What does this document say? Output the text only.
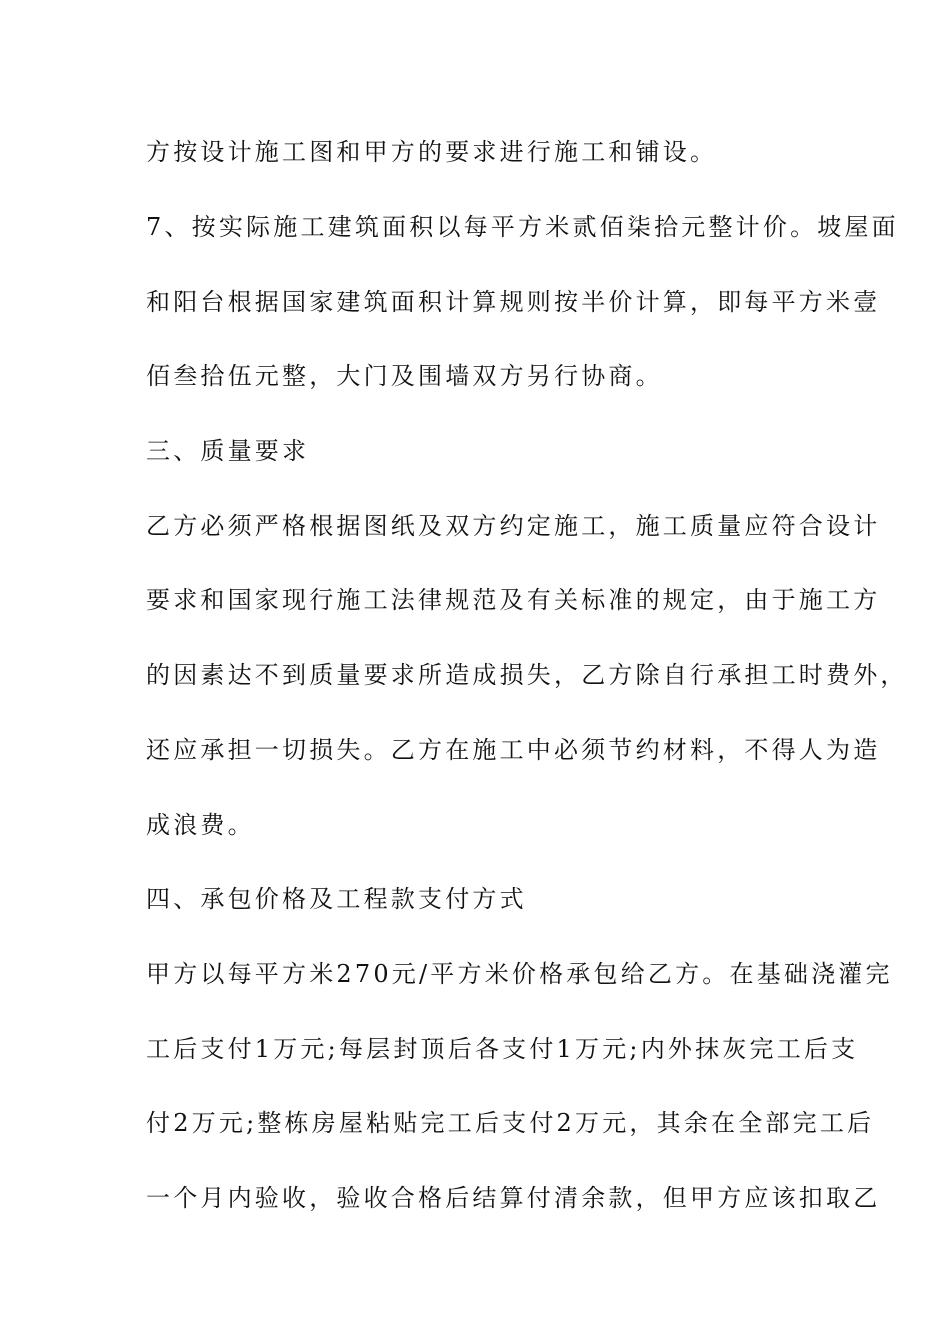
方按设计施工图和甲方的要求进行施工和铺设。
7、按实际施工建筑面积以每平方米贰佰柒拾元整计价。坡屋面
和阳台根据国家建筑面积计算规则按半价计算，即每平方米壹
佰叁拾伍元整，大门及围墙双方另行协商。
三、质量要求
乙方必须严格根据图纸及双方约定施工，施工质量应符合设计
要求和国家现行施工法律规范及有关标准的规定，由于施工方
的因素达不到质量要求所造成损失，乙方除自行承担工时费外，
还应承担一切损失。乙方在施工中必须节约材料，不得人为造
成浪费。
四、承包价格及工程款支付方式
甲方以每平方米270元/平方米价格承包给乙方。在基础浇灌完
工后支付1万元;每层封顶后各支付1万元;内外抹灰完工后支
付2万元;整栋房屋粘贴完工后支付2万元，其余在全部完工后
一个月内验收，验收合格后结算付清余款，但甲方应该扣取乙
